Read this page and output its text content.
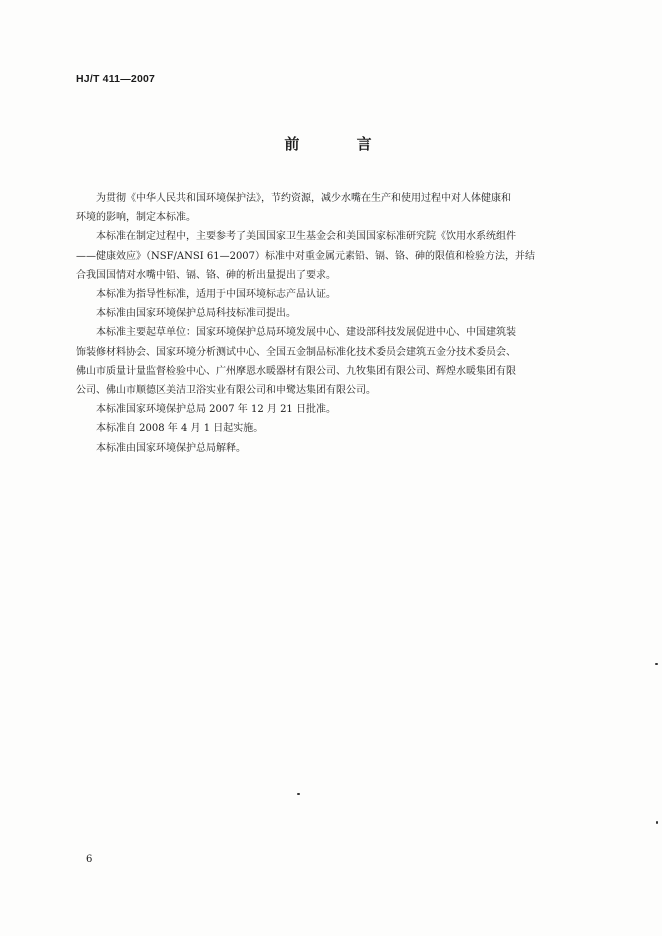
HJ/T 411—2007
前 言

为贯彻《中华人民共和国环境保护法》，节约资源，减少水嘴在生产和使用过程中对人体健康和
环境的影响，制定本标准。

本标准在制定过程中，主要参考了美国国家卫生基金会和美国国家标准研究院《饮用水系统组件
——健康效应》（NSF/ANSI 61—2007）标准中对重金属元素铅、镉、铬、砷的限值和检验方法，并结
合我国国情对水嘴中铅、镉、铬、砷的析出量提出了要求。

本标准为指导性标准，适用于中国环境标志产品认证。

本标准由国家环境保护总局科技标准司提出。

本标准主要起草单位：国家环境保护总局环境发展中心、建设部科技发展促进中心、中国建筑装
饰装修材料协会、国家环境分析测试中心、全国五金制品标准化技术委员会建筑五金分技术委员会、
佛山市质量计量监督检验中心、广州摩恩水暖器材有限公司、九牧集团有限公司、辉煌水暖集团有限
公司、佛山市顺德区美洁卫浴实业有限公司和申鹭达集团有限公司。

本标准国家环境保护总局 2007 年 12 月 21 日批准。

本标准自 2008 年 4 月 1 日起实施。

本标准由国家环境保护总局解释。

6
